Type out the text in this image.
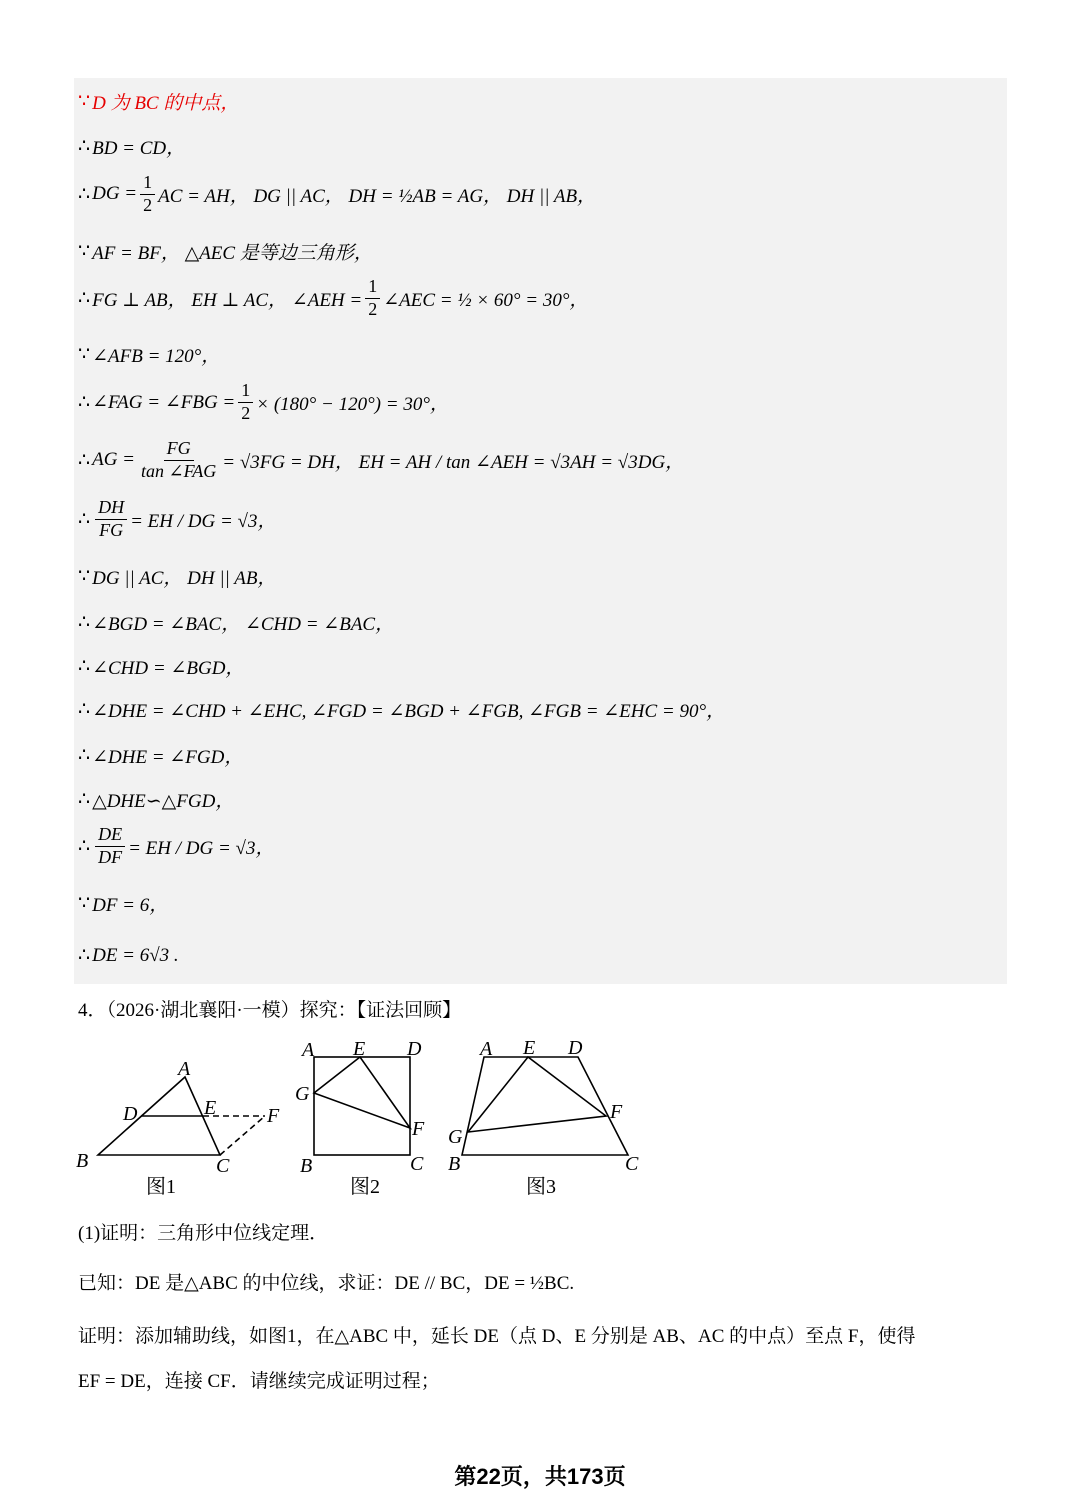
∵ D 为 BC 的中点，
∴ BD = CD，
∴ DG = $\frac{1}{2}$ AC = AH， DG || AC， DH = ½AB = AG， DH || AB，
∵ AF = BF， △AEC 是等边三角形，
∴ FG ⊥ AB， EH ⊥ AC， ∠AEH = $\frac{1}{2}$ ∠AEC = ½ × 60° = 30°，
∵ ∠AFB = 120°，
∴ ∠FAG = ∠FBG = $\frac{1}{2} \times (180^\circ - 120^\circ) = 30^\circ$，
∴ AG = $\frac{FG}{\text{tan ∠FAG}} = √3FG$ = DH， EH = AH / tan ∠AEH = √3AH = √3DG，
∴ $\frac{DH}{FG}$ = EH / DG = √3，
∵ DG || AC， DH || AB，
∴ ∠BGD = ∠BAC， ∠CHD = ∠BAC，
∴ ∠CHD = ∠BGD，
∴ ∠DHE = ∠CHD + ∠EHC, ∠FGD = ∠BGD + ∠FGB, ∠FGB = ∠EHC = 90°，
∴ ∠DHE = ∠FGD，
∴ △DHE∽△FGD，
∴ $\frac{DE}{DF}$ = EH / DG = √3，
∵ DF = 6，
∴ DE = 6√3 .
4．（2026·湖北襄阳·一模）探究：【证法回顾】
A
D	E	F
B	C
图1
A E D
G
F
B	C
图2
A E D
F
G
B	C
图3
(1)证明：三角形中位线定理．
已知：DE 是△ABC 的中位线，求证：DE // BC，DE = ½BC.
证明：添加辅助线，如图1，在△ABC 中，延长 DE（点 D、E 分别是 AB、AC 的中点）至点 F，使得
EF = DE，连接 CF．请继续完成证明过程；
第22页，共173页
